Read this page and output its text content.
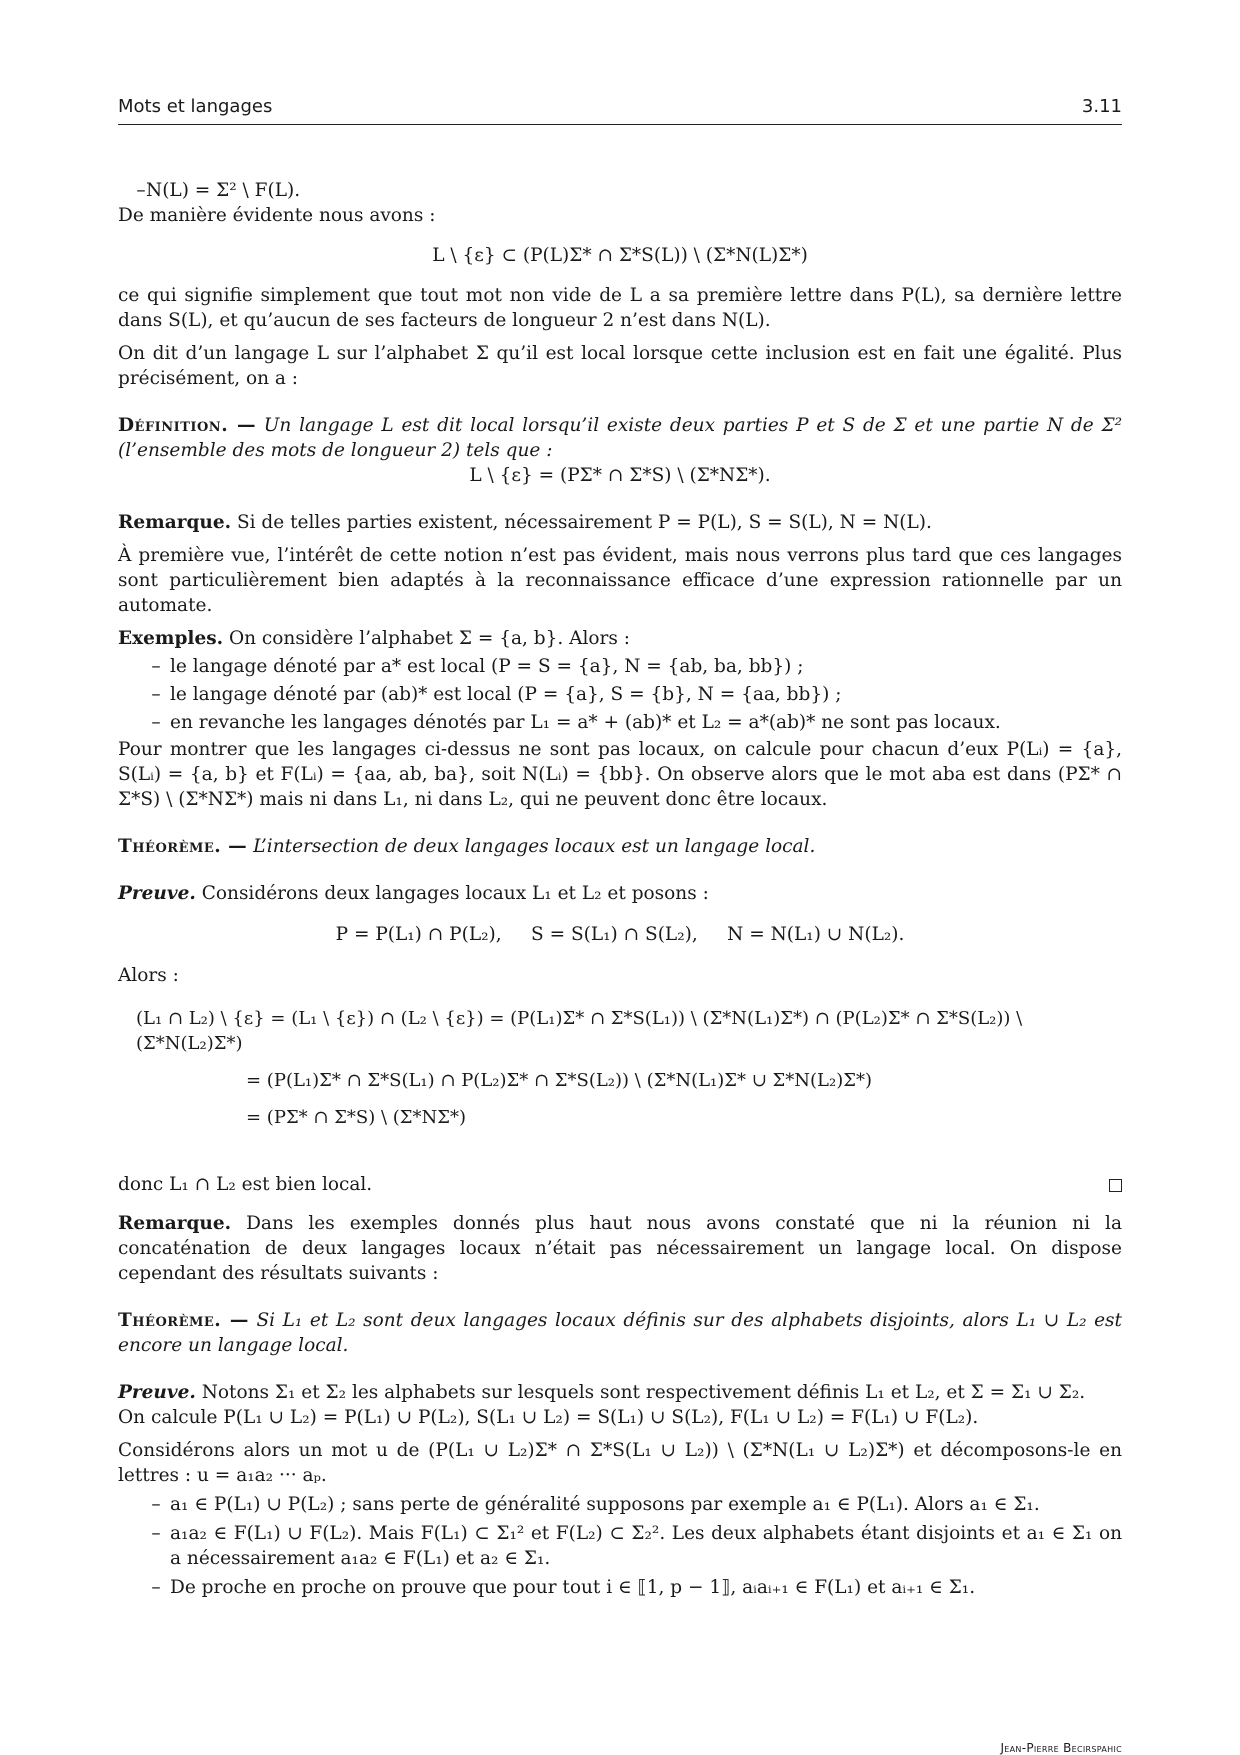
Mots et langages	3.11
– N(L) = Σ² \ F(L).

De manière évidente nous avons :

L \ {ε} ⊂ (P(L)Σ* ∩ Σ*S(L)) \ (Σ*N(L)Σ*)

ce qui signifie simplement que tout mot non vide de L a sa première lettre dans P(L), sa dernière lettre dans S(L), et qu’aucun de ses facteurs de longueur 2 n’est dans N(L).

On dit d’un langage L sur l’alphabet Σ qu’il est local lorsque cette inclusion est en fait une égalité. Plus précisément, on a :

Définition. — Un langage L est dit local lorsqu’il existe deux parties P et S de Σ et une partie N de Σ² (l’ensemble des mots de longueur 2) tels que :

L \ {ε} = (PΣ* ∩ Σ*S) \ (Σ*NΣ*).

Remarque. Si de telles parties existent, nécessairement P = P(L), S = S(L), N = N(L).

À première vue, l’intérêt de cette notion n’est pas évident, mais nous verrons plus tard que ces langages sont particulièrement bien adaptés à la reconnaissance efficace d’une expression rationnelle par un automate.

Exemples. On considère l’alphabet Σ = {a, b}. Alors :

– le langage dénoté par a* est local (P = S = {a}, N = {ab, ba, bb}) ;
– le langage dénoté par (ab)* est local (P = {a}, S = {b}, N = {aa, bb}) ;
– en revanche les langages dénotés par L₁ = a* + (ab)* et L₂ = a*(ab)* ne sont pas locaux.

Pour montrer que les langages ci-dessus ne sont pas locaux, on calcule pour chacun d’eux P(Lᵢ) = {a}, S(Lᵢ) = {a, b} et F(Lᵢ) = {aa, ab, ba}, soit N(Lᵢ) = {bb}. On observe alors que le mot aba est dans (PΣ* ∩ Σ*S) \ (Σ*NΣ*) mais ni dans L₁, ni dans L₂, qui ne peuvent donc être locaux.

Théorème. — L’intersection de deux langages locaux est un langage local.

Preuve. Considérons deux langages locaux L₁ et L₂ et posons :

P = P(L₁) ∩ P(L₂),     S = S(L₁) ∩ S(L₂),     N = N(L₁) ∪ N(L₂).

Alors :

(L₁ ∩ L₂) \ {ε} = (L₁ \ {ε}) ∩ (L₂ \ {ε}) = (P(L₁)Σ* ∩ Σ*S(L₁)) \ (Σ*N(L₁)Σ*) ∩ (P(L₂)Σ* ∩ Σ*S(L₂)) \ (Σ*N(L₂)Σ*)
= (P(L₁)Σ* ∩ Σ*S(L₁) ∩ P(L₂)Σ* ∩ Σ*S(L₂)) \ (Σ*N(L₁)Σ* ∪ Σ*N(L₂)Σ*)
= (PΣ* ∩ Σ*S) \ (Σ*NΣ*)

donc L₁ ∩ L₂ est bien local.

Remarque. Dans les exemples donnés plus haut nous avons constaté que ni la réunion ni la concaténation de deux langages locaux n’était pas nécessairement un langage local. On dispose cependant des résultats suivants :

Théorème. — Si L₁ et L₂ sont deux langages locaux définis sur des alphabets disjoints, alors L₁ ∪ L₂ est encore un langage local.

Preuve. Notons Σ₁ et Σ₂ les alphabets sur lesquels sont respectivement définis L₁ et L₂, et Σ = Σ₁ ∪ Σ₂.

On calcule P(L₁ ∪ L₂) = P(L₁) ∪ P(L₂), S(L₁ ∪ L₂) = S(L₁) ∪ S(L₂), F(L₁ ∪ L₂) = F(L₁) ∪ F(L₂).

Considérons alors un mot u de (P(L₁ ∪ L₂)Σ* ∩ Σ*S(L₁ ∪ L₂)) \ (Σ*N(L₁ ∪ L₂)Σ*) et décomposons-le en lettres : u = a₁a₂ ··· aₚ.

– a₁ ∈ P(L₁) ∪ P(L₂) ; sans perte de généralité supposons par exemple a₁ ∈ P(L₁). Alors a₁ ∈ Σ₁.
– a₁a₂ ∈ F(L₁) ∪ F(L₂). Mais F(L₁) ⊂ Σ₁² et F(L₂) ⊂ Σ₂². Les deux alphabets étant disjoints et a₁ ∈ Σ₁ on a nécessairement a₁a₂ ∈ F(L₁) et a₂ ∈ Σ₁.
– De proche en proche on prouve que pour tout i ∈ ⟦1, p − 1⟧, aᵢaᵢ₊₁ ∈ F(L₁) et aᵢ₊₁ ∈ Σ₁.
Jean-Pierre Becirspahic
